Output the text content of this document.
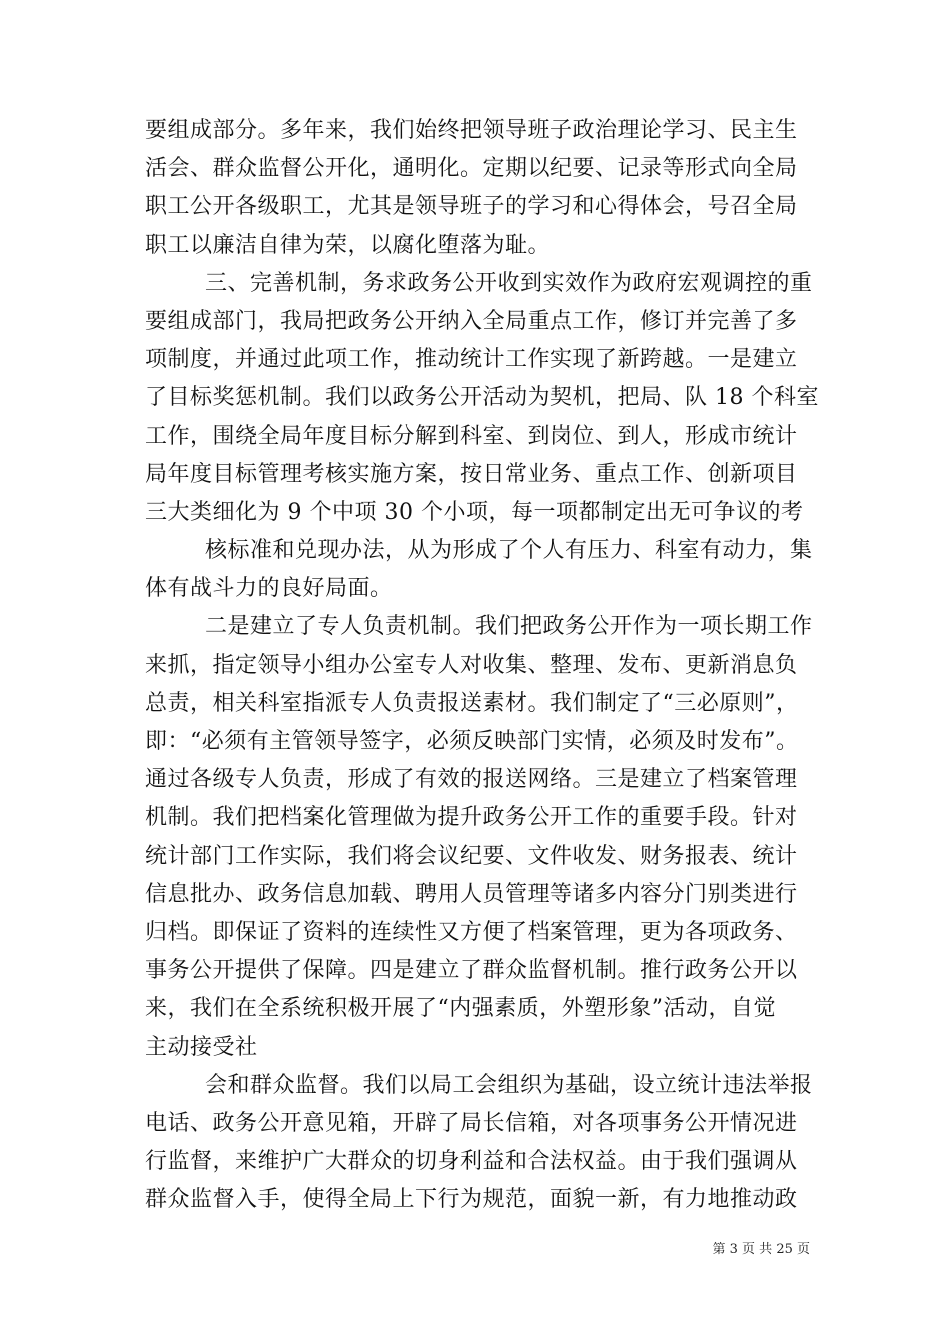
要组成部分。多年来，我们始终把领导班子政治理论学习、民主生
活会、群众监督公开化，通明化。定期以纪要、记录等形式向全局
职工公开各级职工，尤其是领导班子的学习和心得体会，号召全局
职工以廉洁自律为荣，以腐化堕落为耻。
三、完善机制，务求政务公开收到实效作为政府宏观调控的重
要组成部门，我局把政务公开纳入全局重点工作，修订并完善了多
项制度，并通过此项工作，推动统计工作实现了新跨越。一是建立
了目标奖惩机制。我们以政务公开活动为契机，把局、队 18 个科室
工作，围绕全局年度目标分解到科室、到岗位、到人，形成市统计
局年度目标管理考核实施方案，按日常业务、重点工作、创新项目
三大类细化为 9 个中项 30 个小项，每一项都制定出无可争议的考
核标准和兑现办法，从为形成了个人有压力、科室有动力，集
体有战斗力的良好局面。
二是建立了专人负责机制。我们把政务公开作为一项长期工作
来抓，指定领导小组办公室专人对收集、整理、发布、更新消息负
总责，相关科室指派专人负责报送素材。我们制定了“三必原则”，
即：“必须有主管领导签字，必须反映部门实情，必须及时发布”。
通过各级专人负责，形成了有效的报送网络。三是建立了档案管理
机制。我们把档案化管理做为提升政务公开工作的重要手段。针对
统计部门工作实际，我们将会议纪要、文件收发、财务报表、统计
信息批办、政务信息加载、聘用人员管理等诸多内容分门别类进行
归档。即保证了资料的连续性又方便了档案管理，更为各项政务、
事务公开提供了保障。四是建立了群众监督机制。推行政务公开以
来，我们在全系统积极开展了“内强素质，外塑形象”活动，自觉
主动接受社
会和群众监督。我们以局工会组织为基础，设立统计违法举报
电话、政务公开意见箱，开辟了局长信箱，对各项事务公开情况进
行监督，来维护广大群众的切身利益和合法权益。由于我们强调从
群众监督入手，使得全局上下行为规范，面貌一新，有力地推动政
第 3 页 共 25 页
